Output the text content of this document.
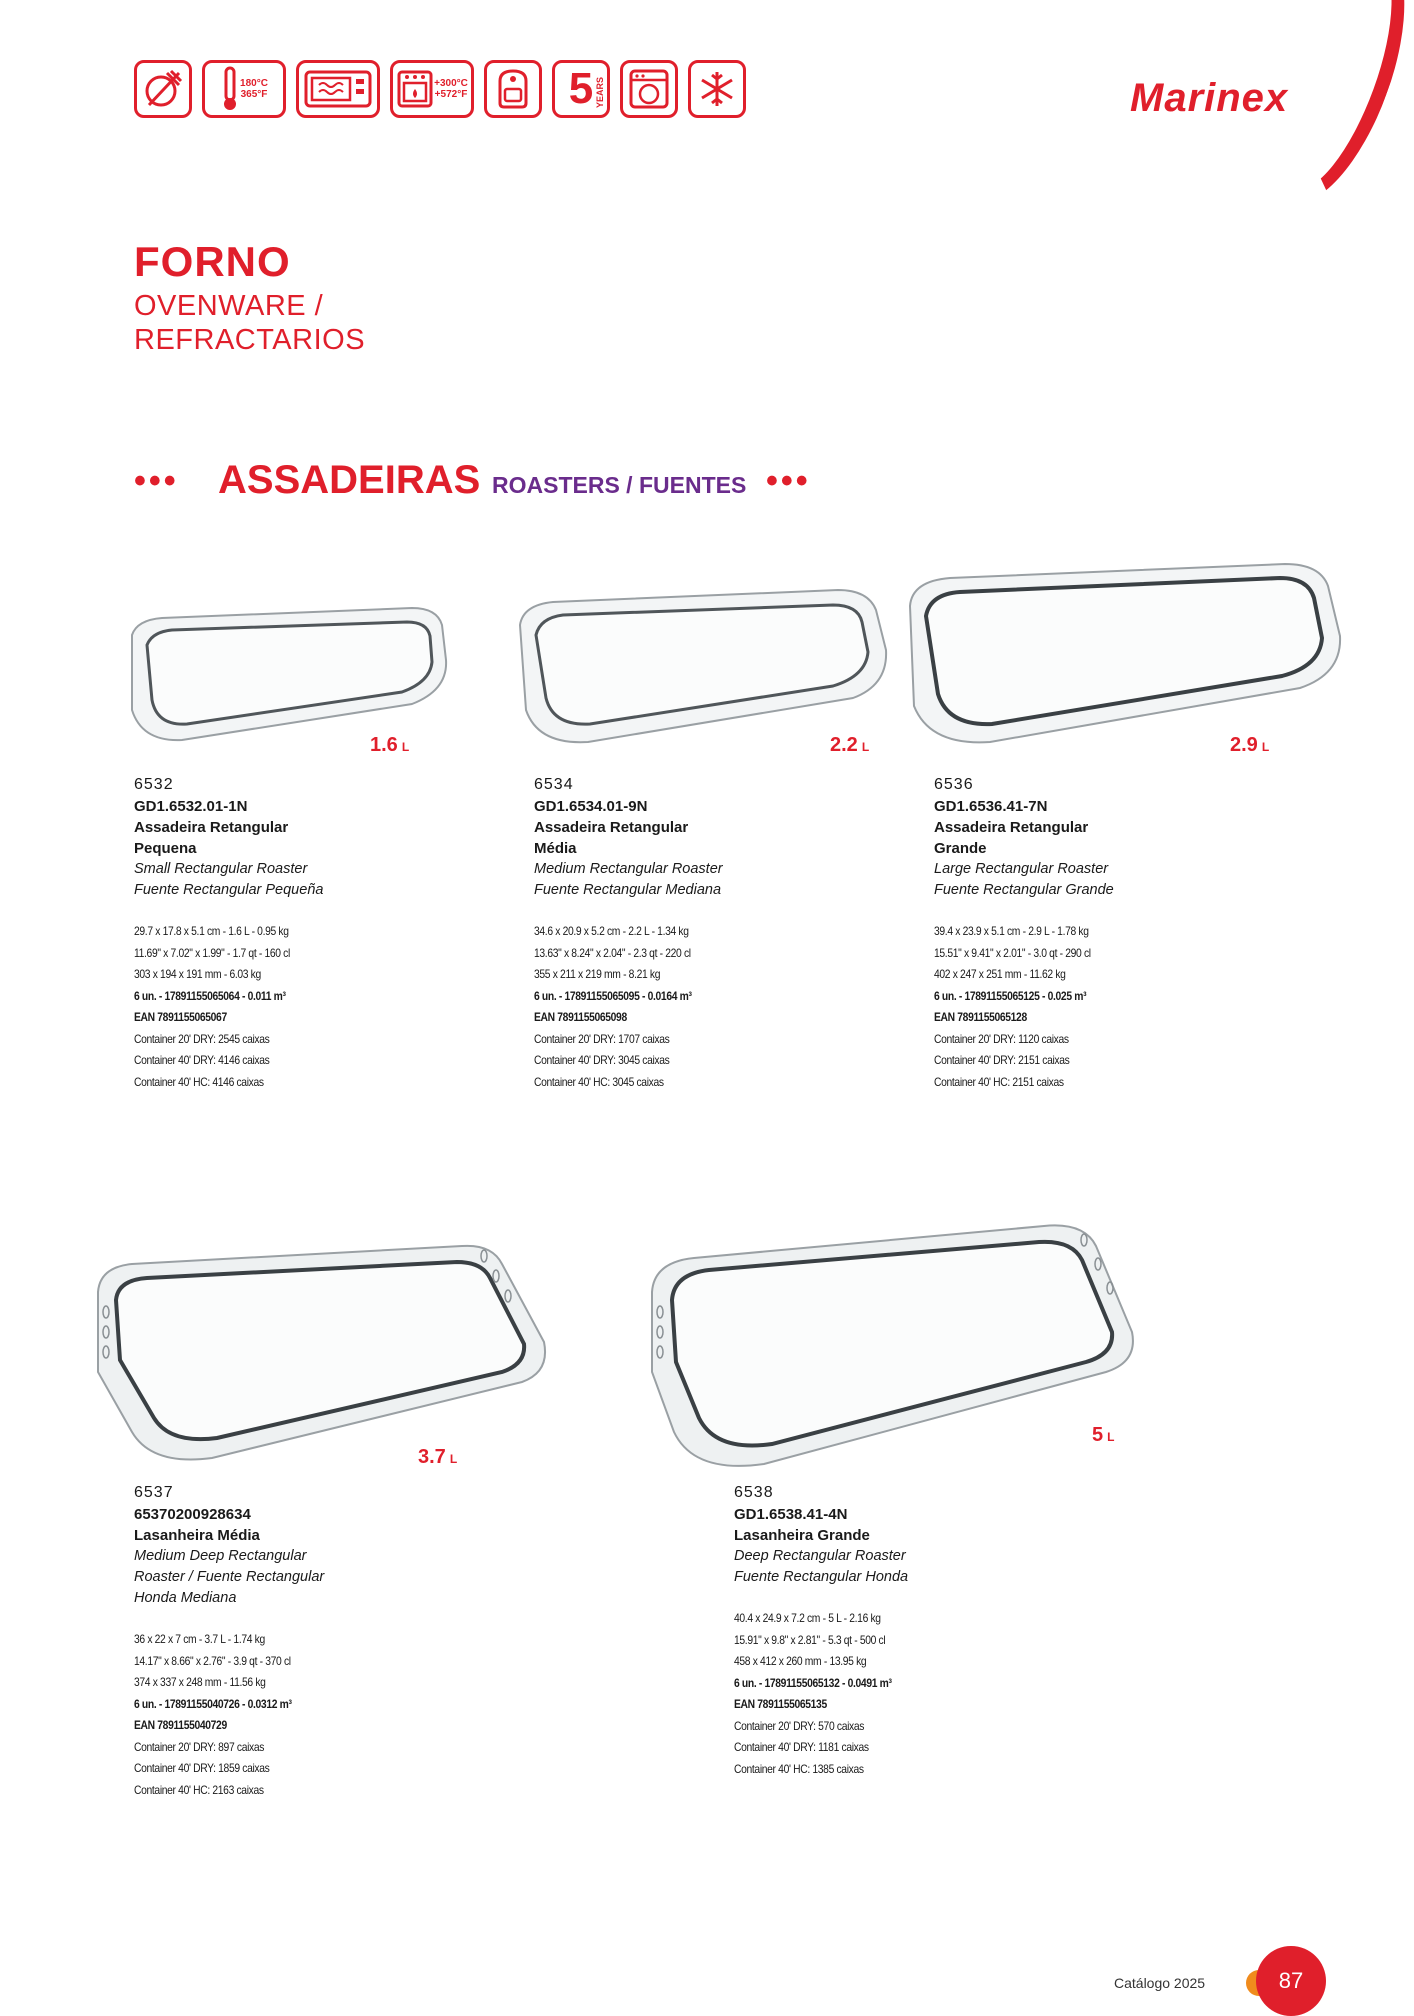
180°C
365°F
+300°C
+572°F 5 YEARS	Marinex
FORNO
OVENWARE /
REFRACTARIOS
••• ASSADEIRAS ROASTERS / FUENTES •••
1.6 L	2.2 L	2.9 L
3.7 L
5 L
6532
GD1.6532.01-1N
Assadeira Retangular
Pequena
Small Rectangular Roaster
Fuente Rectangular Pequeña
29.7 x 17.8 x 5.1 cm - 1.6 L - 0.95 kg
11.69" x 7.02" x 1.99" - 1.7 qt - 160 cl
303 x 194 x 191 mm - 6.03 kg
6 un. - 17891155065064 - 0.011 m³
EAN 7891155065067
Container 20' DRY: 2545 caixas
Container 40' DRY: 4146 caixas
Container 40' HC: 4146 caixas
6534
GD1.6534.01-9N
Assadeira Retangular
Média
Medium Rectangular Roaster
Fuente Rectangular Mediana
34.6 x 20.9 x 5.2 cm - 2.2 L - 1.34 kg
13.63" x 8.24" x 2.04" - 2.3 qt - 220 cl
355 x 211 x 219 mm - 8.21 kg
6 un. - 17891155065095 - 0.0164 m³
EAN 7891155065098
Container 20' DRY: 1707 caixas
Container 40' DRY: 3045 caixas
Container 40' HC: 3045 caixas
6536
GD1.6536.41-7N
Assadeira Retangular
Grande
Large Rectangular Roaster
Fuente Rectangular Grande
39.4 x 23.9 x 5.1 cm - 2.9 L - 1.78 kg
15.51" x 9.41" x 2.01" - 3.0 qt - 290 cl
402 x 247 x 251 mm - 11.62 kg
6 un. - 17891155065125 - 0.025 m³
EAN 7891155065128
Container 20' DRY: 1120 caixas
Container 40' DRY: 2151 caixas
Container 40' HC: 2151 caixas
6537
65370200928634
Lasanheira Média
Medium Deep Rectangular
Roaster / Fuente Rectangular
Honda Mediana
36 x 22 x 7 cm - 3.7 L - 1.74 kg
14.17" x 8.66" x 2.76" - 3.9 qt - 370 cl
374 x 337 x 248 mm - 11.56 kg
6 un. - 17891155040726 - 0.0312 m³
EAN 7891155040729
Container 20' DRY: 897 caixas
Container 40' DRY: 1859 caixas
Container 40' HC: 2163 caixas
6538
GD1.6538.41-4N
Lasanheira Grande
Deep Rectangular Roaster
Fuente Rectangular Honda
40.4 x 24.9 x 7.2 cm - 5 L - 2.16 kg
15.91" x 9.8" x 2.81" - 5.3 qt - 500 cl
458 x 412 x 260 mm - 13.95 kg
6 un. - 17891155065132 - 0.0491 m³
EAN 7891155065135
Container 20' DRY: 570 caixas
Container 40' DRY: 1181 caixas
Container 40' HC: 1385 caixas
Catálogo 2025	87
